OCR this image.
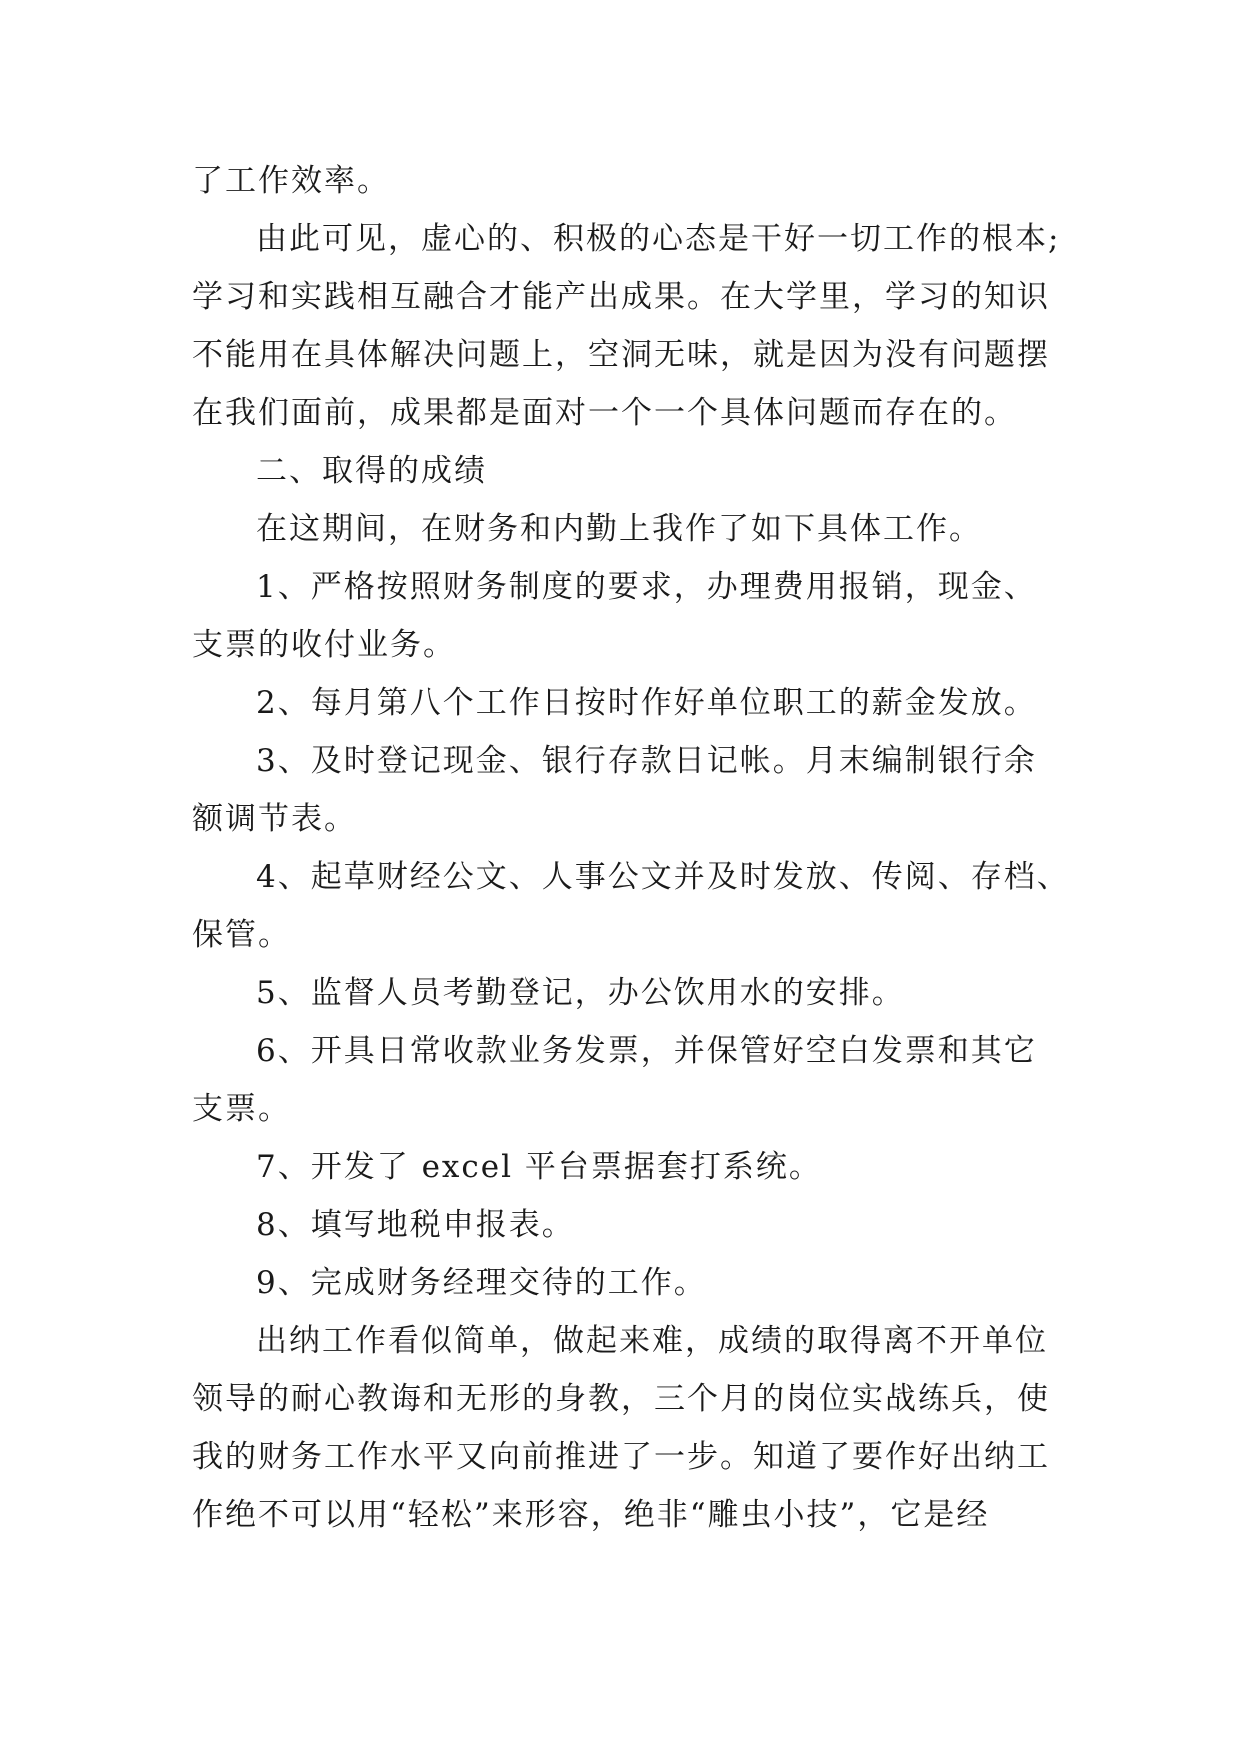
了工作效率。
由此可见，虚心的、积极的心态是干好一切工作的根本;
学习和实践相互融合才能产出成果。在大学里，学习的知识
不能用在具体解决问题上，空洞无味，就是因为没有问题摆
在我们面前，成果都是面对一个一个具体问题而存在的。
二、取得的成绩
在这期间，在财务和内勤上我作了如下具体工作。
1、严格按照财务制度的要求，办理费用报销，现金、
支票的收付业务。
2、每月第八个工作日按时作好单位职工的薪金发放。
3、及时登记现金、银行存款日记帐。月末编制银行余
额调节表。
4、起草财经公文、人事公文并及时发放、传阅、存档、
保管。
5、监督人员考勤登记，办公饮用水的安排。
6、开具日常收款业务发票，并保管好空白发票和其它
支票。
7、开发了 excel 平台票据套打系统。
8、填写地税申报表。
9、完成财务经理交待的工作。
出纳工作看似简单，做起来难，成绩的取得离不开单位
领导的耐心教诲和无形的身教，三个月的岗位实战练兵，使
我的财务工作水平又向前推进了一步。知道了要作好出纳工
作绝不可以用“轻松”来形容，绝非“雕虫小技”，它是经
